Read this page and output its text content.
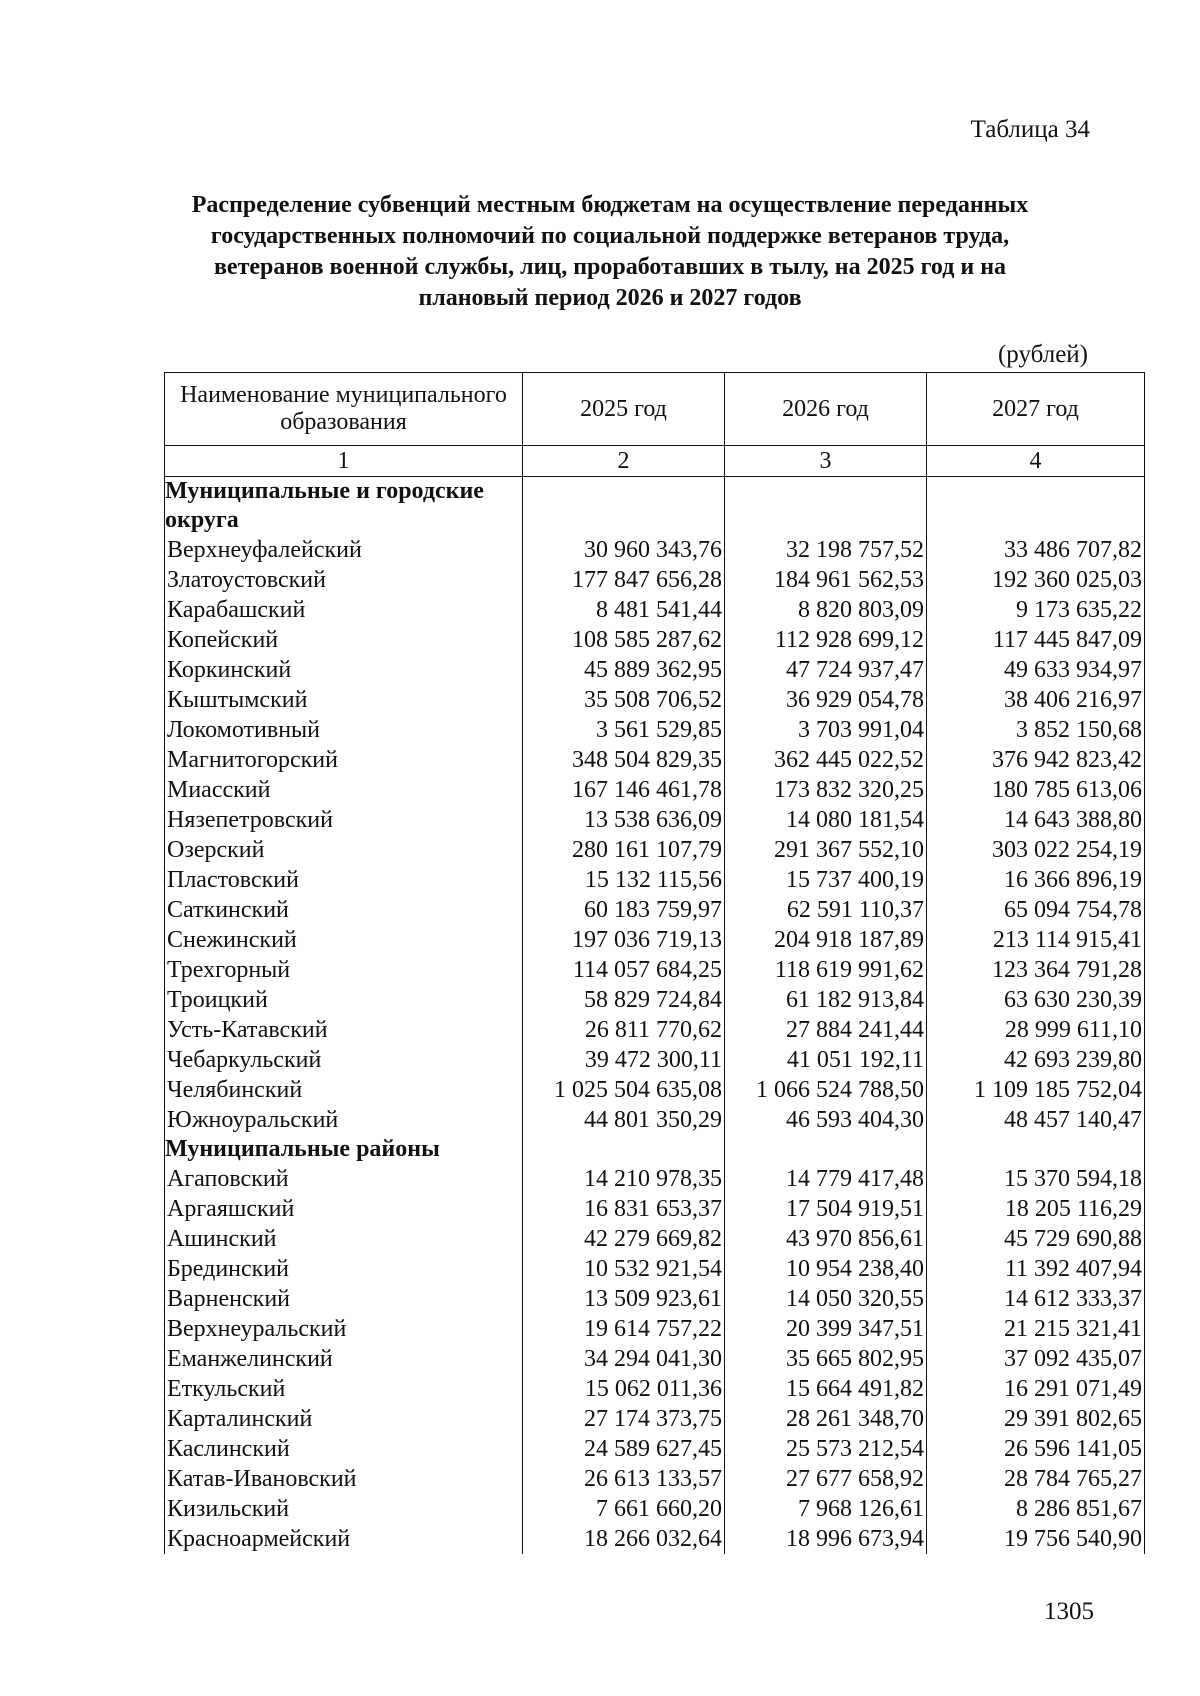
Таблица 34
Распределение субвенций местным бюджетам на осуществление переданных
государственных полномочий по социальной поддержке ветеранов труда,
ветеранов военной службы, лиц, проработавших в тылу, на 2025 год и на
плановый период 2026 и 2027 годов
(рублей)
Наименование муниципального образования	2025 год	2026 год	2027 год
1	2	3	4
Муниципальные и городские округа			
Верхнеуфалейский	30 960 343,76	32 198 757,52	33 486 707,82
Златоустовский	177 847 656,28	184 961 562,53	192 360 025,03
Карабашский	8 481 541,44	8 820 803,09	9 173 635,22
Копейский	108 585 287,62	112 928 699,12	117 445 847,09
Коркинский	45 889 362,95	47 724 937,47	49 633 934,97
Кыштымский	35 508 706,52	36 929 054,78	38 406 216,97
Локомотивный	3 561 529,85	3 703 991,04	3 852 150,68
Магнитогорский	348 504 829,35	362 445 022,52	376 942 823,42
Миасский	167 146 461,78	173 832 320,25	180 785 613,06
Нязепетровский	13 538 636,09	14 080 181,54	14 643 388,80
Озерский	280 161 107,79	291 367 552,10	303 022 254,19
Пластовский	15 132 115,56	15 737 400,19	16 366 896,19
Саткинский	60 183 759,97	62 591 110,37	65 094 754,78
Снежинский	197 036 719,13	204 918 187,89	213 114 915,41
Трехгорный	114 057 684,25	118 619 991,62	123 364 791,28
Троицкий	58 829 724,84	61 182 913,84	63 630 230,39
Усть-Катавский	26 811 770,62	27 884 241,44	28 999 611,10
Чебаркульский	39 472 300,11	41 051 192,11	42 693 239,80
Челябинский	1 025 504 635,08	1 066 524 788,50	1 109 185 752,04
Южноуральский	44 801 350,29	46 593 404,30	48 457 140,47
Муниципальные районы			
Агаповский	14 210 978,35	14 779 417,48	15 370 594,18
Аргаяшский	16 831 653,37	17 504 919,51	18 205 116,29
Ашинский	42 279 669,82	43 970 856,61	45 729 690,88
Брединский	10 532 921,54	10 954 238,40	11 392 407,94
Варненский	13 509 923,61	14 050 320,55	14 612 333,37
Верхнеуральский	19 614 757,22	20 399 347,51	21 215 321,41
Еманжелинский	34 294 041,30	35 665 802,95	37 092 435,07
Еткульский	15 062 011,36	15 664 491,82	16 291 071,49
Карталинский	27 174 373,75	28 261 348,70	29 391 802,65
Каслинский	24 589 627,45	25 573 212,54	26 596 141,05
Катав-Ивановский	26 613 133,57	27 677 658,92	28 784 765,27
Кизильский	7 661 660,20	7 968 126,61	8 286 851,67
Красноармейский	18 266 032,64	18 996 673,94	19 756 540,90
1305
